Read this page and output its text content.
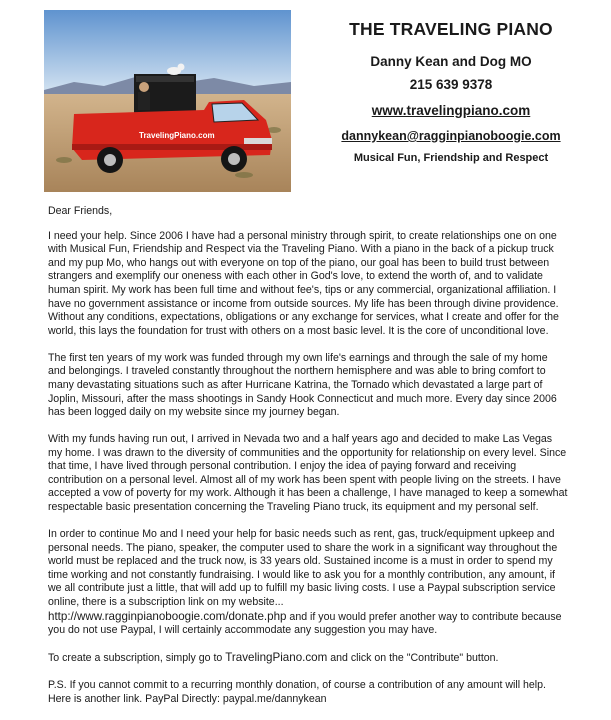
TravelingPiano.com

THE TRAVELING PIANO

Danny Kean and Dog MO

215 639 9378

www.travelingpiano.com

dannykean@ragginpianoboogie.com

Musical Fun, Friendship and Respect

Dear Friends,

I need your help. Since 2006 I have had a personal ministry through spirit, to create relationships one on one with Musical Fun, Friendship and Respect via the Traveling Piano. With a piano in the back of a pickup truck and my pup Mo, who hangs out with everyone on top of the piano, our goal has been to build trust between strangers and exemplify our oneness with each other in God's love, to extend the worth of, and to validate human spirit. My work has been full time and without fee's, tips or any commercial, organizational affiliation. I have no government assistance or income from outside sources. My life has been through divine providence. Without any conditions, expectations, obligations or any exchange for services, what I create and offer for the world, this lays the foundation for trust with others on a most basic level. It is the core of unconditional love.

The first ten years of my work was funded through my own life's earnings and through the sale of my home and belongings. I traveled constantly throughout the northern hemisphere and was able to bring comfort to many devastating situations such as after Hurricane Katrina, the Tornado which devastated a large part of Joplin, Missouri, after the mass shootings in Sandy Hook Connecticut and much more. Every day since 2006 has been logged daily on my website since my journey began.

With my funds having run out, I arrived in Nevada two and a half years ago and decided to make Las Vegas my home. I was drawn to the diversity of communities and the opportunity for relationship on every level. Since that time, I have lived through personal contribution. I enjoy the idea of paying forward and receiving contribution on a personal level. Almost all of my work has been spent with people living on the streets. I have accepted a vow of poverty for my work. Although it has been a challenge, I have managed to keep a somewhat respectable basic presentation concerning the Traveling Piano truck, its equipment and my personal self.

In order to continue Mo and I need your help for basic needs such as rent, gas, truck/equipment upkeep and personal needs. The piano, speaker, the computer used to share the work in a significant way throughout the world must be replaced and the truck now, is 33 years old. Sustained income is a must in order to spend my time working and not constantly fundraising. I would like to ask you for a monthly contribution, any amount, if we all contribute just a little, that will add up to fulfill my basic living costs. I use a Paypal subscription service online, there is a subscription link on my website...
http://www.ragginpianoboogie.com/donate.php and if you would prefer another way to contribute because you do not use Paypal, I will certainly accommodate any suggestion you may have.

To create a subscription, simply go to TravelingPiano.com and click on the "Contribute" button.

P.S. If you cannot commit to a recurring monthly donation, of course a contribution of any amount will help. Here is another link. PayPal Directly: paypal.me/dannykean
